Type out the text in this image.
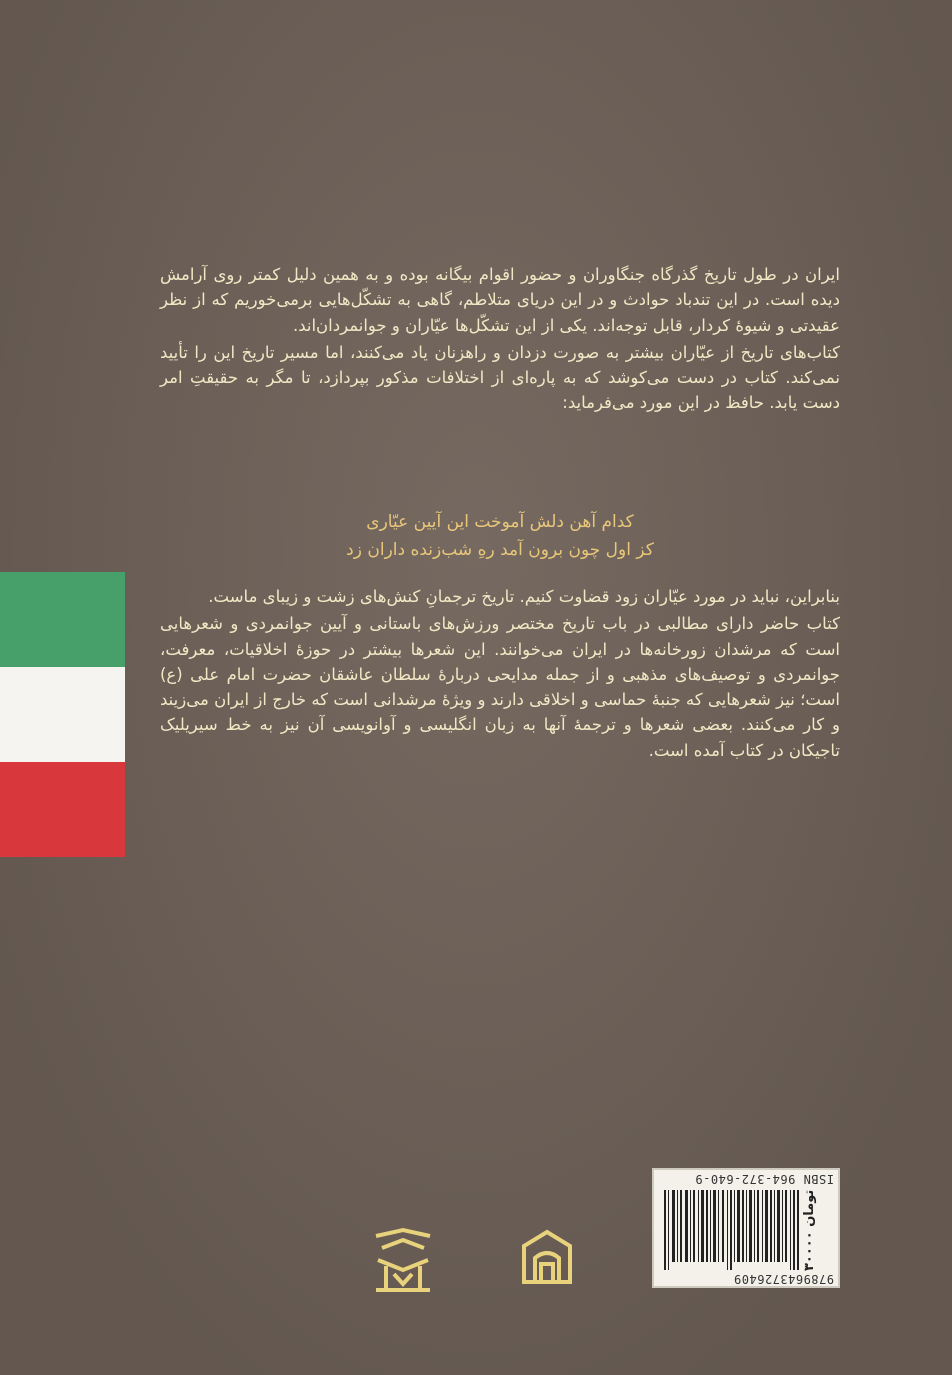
ایران در طول تاریخ گذرگاه جنگاوران و حضور اقوام بیگانه بوده و به همین دلیل کمتر روی آرامش دیده است. در این تندباد حوادث و در این دریای متلاطم، گاهی به تشکّل‌هایی برمی‌خوریم که از نظر عقیدتی و شیوهٔ کردار، قابل توجه‌اند. یکی از این تشکّل‌ها عیّاران و جوانمردان‌اند.

کتاب‌های تاریخ از عیّاران بیشتر به صورت دزدان و راهزنان یاد می‌کنند، اما مسیر تاریخ این را تأیید نمی‌کند. کتاب در دست می‌کوشد که به پاره‌ای از اختلافات مذکور بپردازد، تا مگر به حقیقتِ امر دست یابد. حافظ در این مورد می‌فرماید:

کدام آهن دلش آموخت این آیین عیّاری
کز اول چون برون آمد رهِ شب‌زنده داران زد

بنابراین، نباید در مورد عیّاران زود قضاوت کنیم. تاریخ ترجمانِ کنش‌های زشت و زیبای ماست.

کتاب حاضر دارای مطالبی در باب تاریخ مختصر ورزش‌های باستانی و آیین جوانمردی و شعرهایی است که مرشدان زورخانه‌ها در ایران می‌خوانند. این شعرها بیشتر در حوزهٔ اخلاقیات، معرفت، جوانمردی و توصیف‌های مذهبی و از جمله مدایحی دربارهٔ سلطان عاشقان حضرت امام علی (ع) است؛ نیز شعرهایی که جنبهٔ حماسی و اخلاقی دارند و ویژهٔ مرشدانی است که خارج از ایران می‌زیند و کار می‌کنند. بعضی شعرها و ترجمهٔ آنها به زبان انگلیسی و آوانویسی آن نیز به خط سیریلیک تاجیکان در کتاب آمده است.

ISBN 964-372-640-9
۳۰۰۰۰ تومان
9789643726409
